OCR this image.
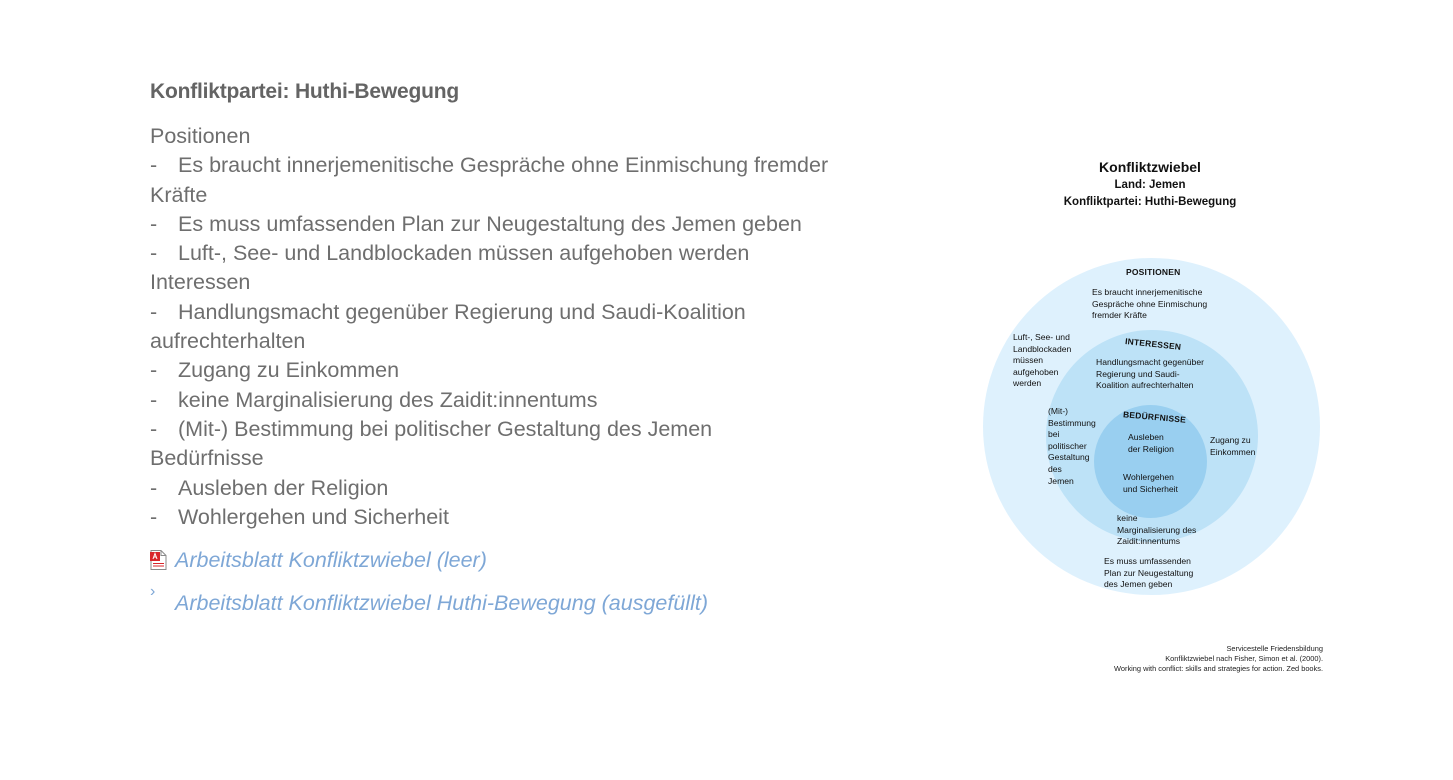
Konfliktpartei: Huthi-Bewegung
Positionen
- Es braucht innerjemenitische Gespräche ohne Einmischung fremder
Kräfte
- Es muss umfassenden Plan zur Neugestaltung des Jemen geben
- Luft-, See- und Landblockaden müssen aufgehoben werden
Interessen
- Handlungsmacht gegenüber Regierung und Saudi-Koalition
aufrechterhalten
- Zugang zu Einkommen
- keine Marginalisierung des Zaidit:innentums
- (Mit-) Bestimmung bei politischer Gestaltung des Jemen
Bedürfnisse
- Ausleben der Religion
- Wohlergehen und Sicherheit
Arbeitsblatt Konfliktzwiebel (leer)
› Arbeitsblatt Konfliktzwiebel Huthi-Bewegung (ausgefüllt)
Konfliktzwiebel
Land: Jemen
Konfliktpartei: Huthi-Bewegung
POSITIONEN
INTERESSEN
BEDÜRFNISSE
Es braucht innerjemenitische
Gespräche ohne Einmischung
fremder Kräfte
Luft-, See- und
Landblockaden
müssen
aufgehoben
werden
Es muss umfassenden
Plan zur Neugestaltung
des Jemen geben
Handlungsmacht gegenüber
Regierung und Saudi-
Koalition aufrechterhalten
(Mit-)
Bestimmung
bei
politischer
Gestaltung
des
Jemen
Zugang zu
Einkommen
keine
Marginalisierung des
Zaidit:innentums
Ausleben
der Religion
Wohlergehen
und Sicherheit
Servicestelle Friedensbildung
Konfliktzwiebel nach Fisher, Simon et al. (2000).
Working with conflict: skills and strategies for action. Zed books.
